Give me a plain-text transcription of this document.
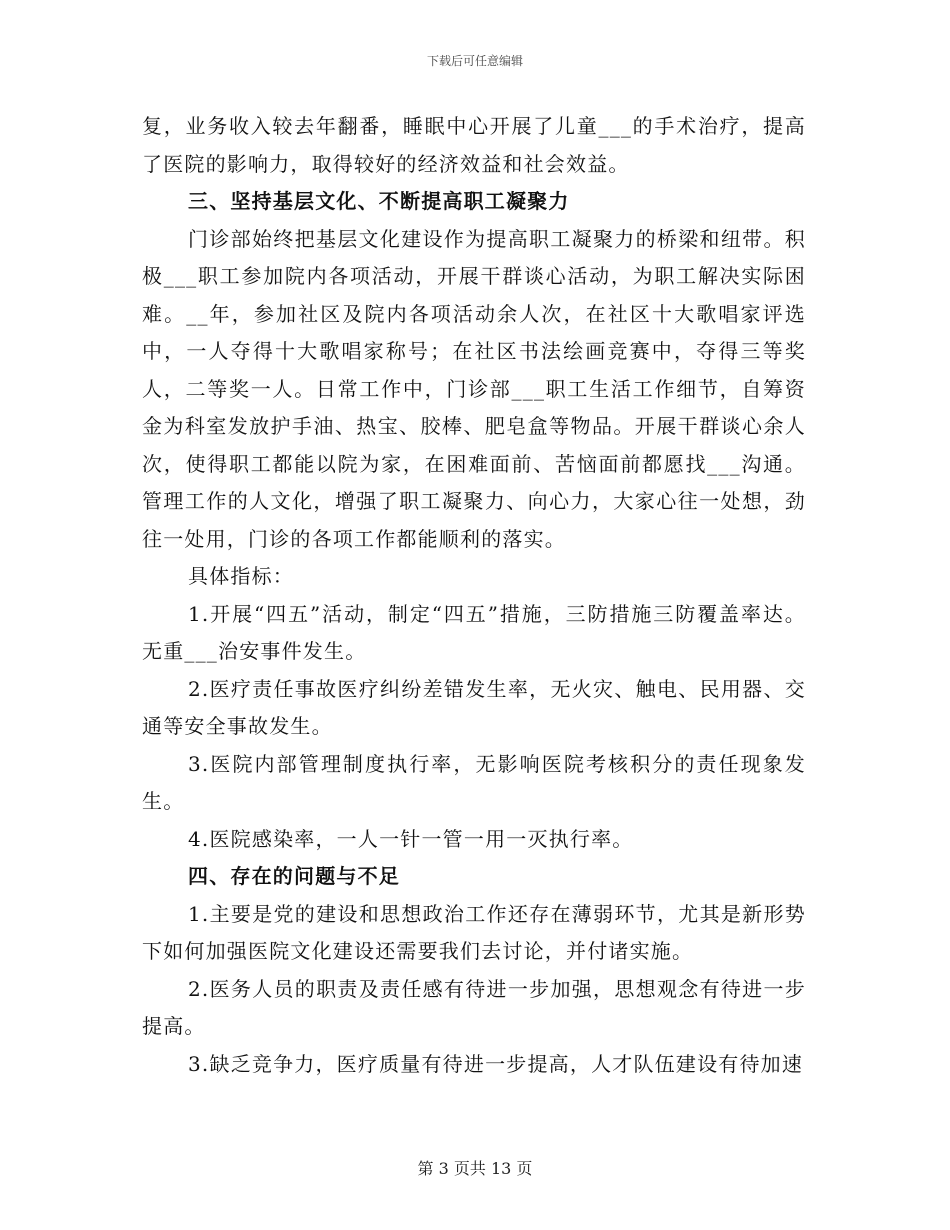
下载后可任意编辑

复，业务收入较去年翻番，睡眠中心开展了儿童___的手术治疗，提高了医院的影响力，取得较好的经济效益和社会效益。

三、坚持基层文化、不断提高职工凝聚力

门诊部始终把基层文化建设作为提高职工凝聚力的桥梁和纽带。积极___职工参加院内各项活动，开展干群谈心活动，为职工解决实际困难。__年，参加社区及院内各项活动余人次，在社区十大歌唱家评选中，一人夺得十大歌唱家称号；在社区书法绘画竞赛中，夺得三等奖人，二等奖一人。日常工作中，门诊部___职工生活工作细节，自筹资金为科室发放护手油、热宝、胶棒、肥皂盒等物品。开展干群谈心余人次，使得职工都能以院为家，在困难面前、苦恼面前都愿找___沟通。管理工作的人文化，增强了职工凝聚力、向心力，大家心往一处想，劲往一处用，门诊的各项工作都能顺利的落实。

具体指标：

1.开展“四五”活动，制定“四五”措施，三防措施三防覆盖率达。无重___治安事件发生。

2.医疗责任事故医疗纠纷差错发生率，无火灾、触电、民用器、交通等安全事故发生。

3.医院内部管理制度执行率，无影响医院考核积分的责任现象发生。

4.医院感染率，一人一针一管一用一灭执行率。

四、存在的问题与不足

1.主要是党的建设和思想政治工作还存在薄弱环节，尤其是新形势下如何加强医院文化建设还需要我们去讨论，并付诸实施。

2.医务人员的职责及责任感有待进一步加强，思想观念有待进一步提高。

3.缺乏竞争力，医疗质量有待进一步提高，人才队伍建设有待加速

第 3 页共 13 页
